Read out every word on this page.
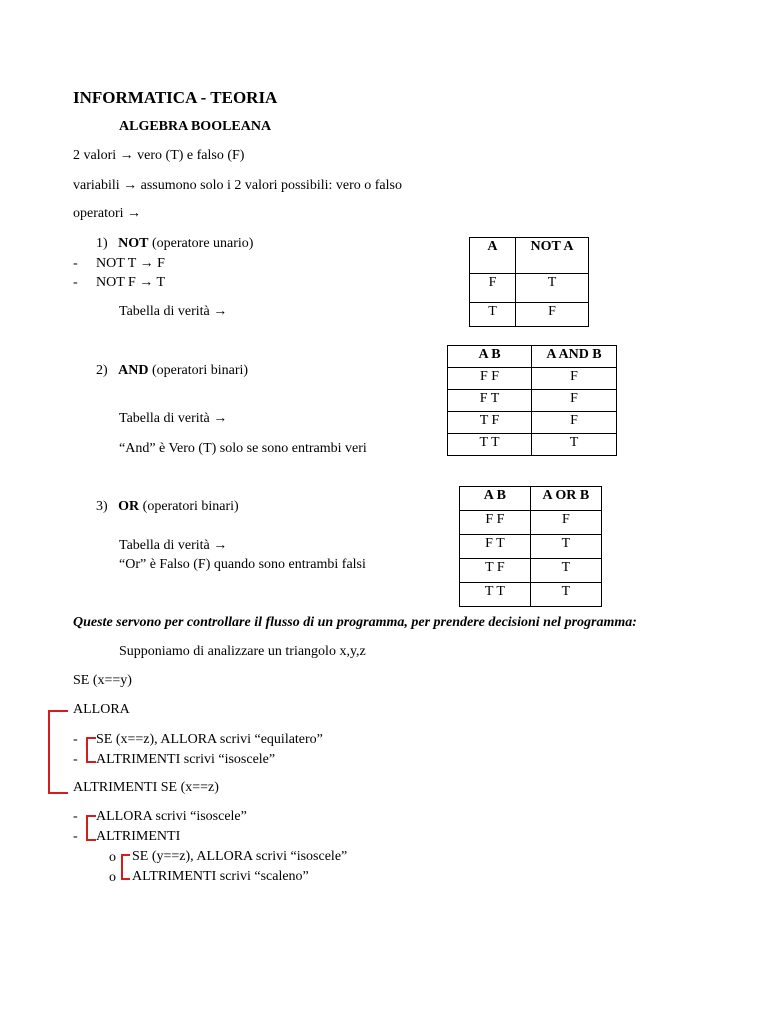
INFORMATICA - TEORIA
ALGEBRA BOOLEANA
2 valori → vero (T) e falso (F)
variabili → assumono solo i 2 valori possibili: vero o falso
operatori →
1) NOT (operatore unario)
- NOT T → F
- NOT F → T
Tabella di verità →
A	NOT A
F	T
T	F
2) AND (operatori binari)
Tabella di verità →
“And” è Vero (T) solo se sono entrambi veri
A B	A AND B
F F	F
F T	F
T F	F
T T	T
3) OR (operatori binari)
Tabella di verità →
“Or” è Falso (F) quando sono entrambi falsi
A B	A OR B
F F	F
F T	T
T F	T
T T	T
Queste servono per controllare il flusso di un programma, per prendere decisioni nel programma:
Supponiamo di analizzare un triangolo x,y,z
SE (x==y)
ALLORA
- SE (x==z), ALLORA scrivi “equilatero”
- ALTRIMENTI scrivi “isoscele”
ALTRIMENTI SE (x==z)
- ALLORA scrivi “isoscele”
- ALTRIMENTI
o SE (y==z), ALLORA scrivi “isoscele”
o ALTRIMENTI scrivi “scaleno”
